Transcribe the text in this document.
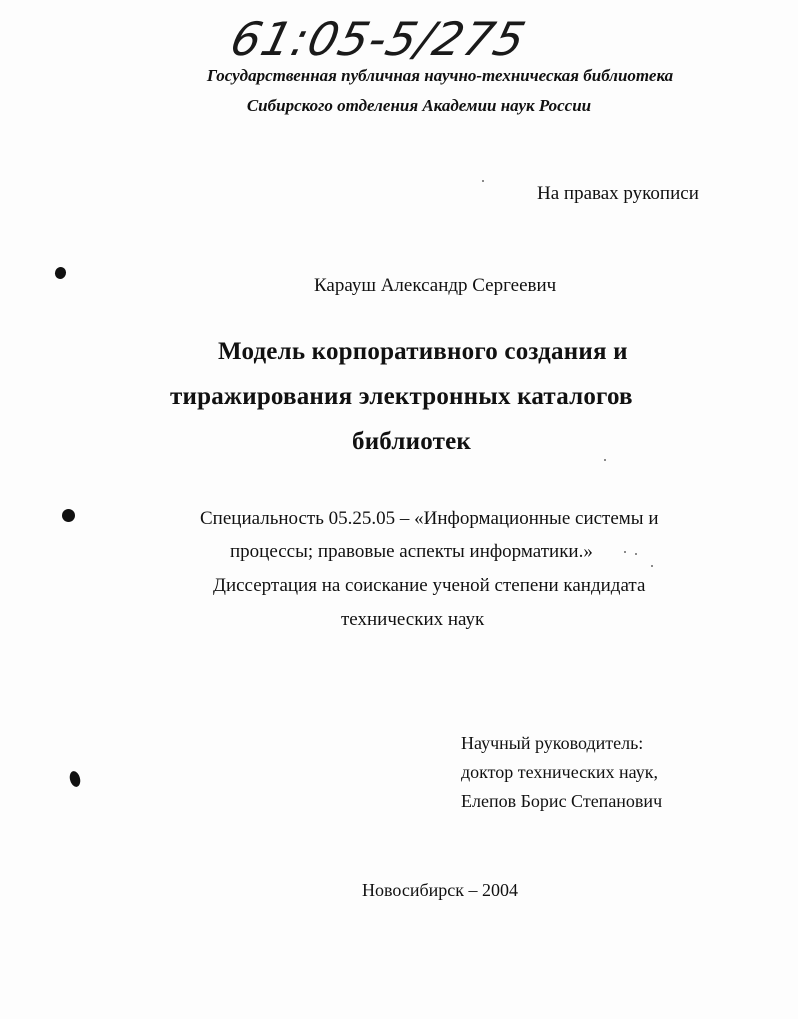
61:05-5/275
Государственная публичная научно-техническая библиотека
Сибирского отделения Академии наук России
На правах рукописи
Карауш Александр Сергеевич
Модель корпоративного создания и
тиражирования электронных каталогов
библиотек
Специальность 05.25.05 – «Информационные системы и
процессы; правовые аспекты информатики.»
Диссертация на соискание ученой степени кандидата
технических наук
Научный руководитель:
доктор технических наук,
Елепов Борис Степанович
Новосибирск – 2004
